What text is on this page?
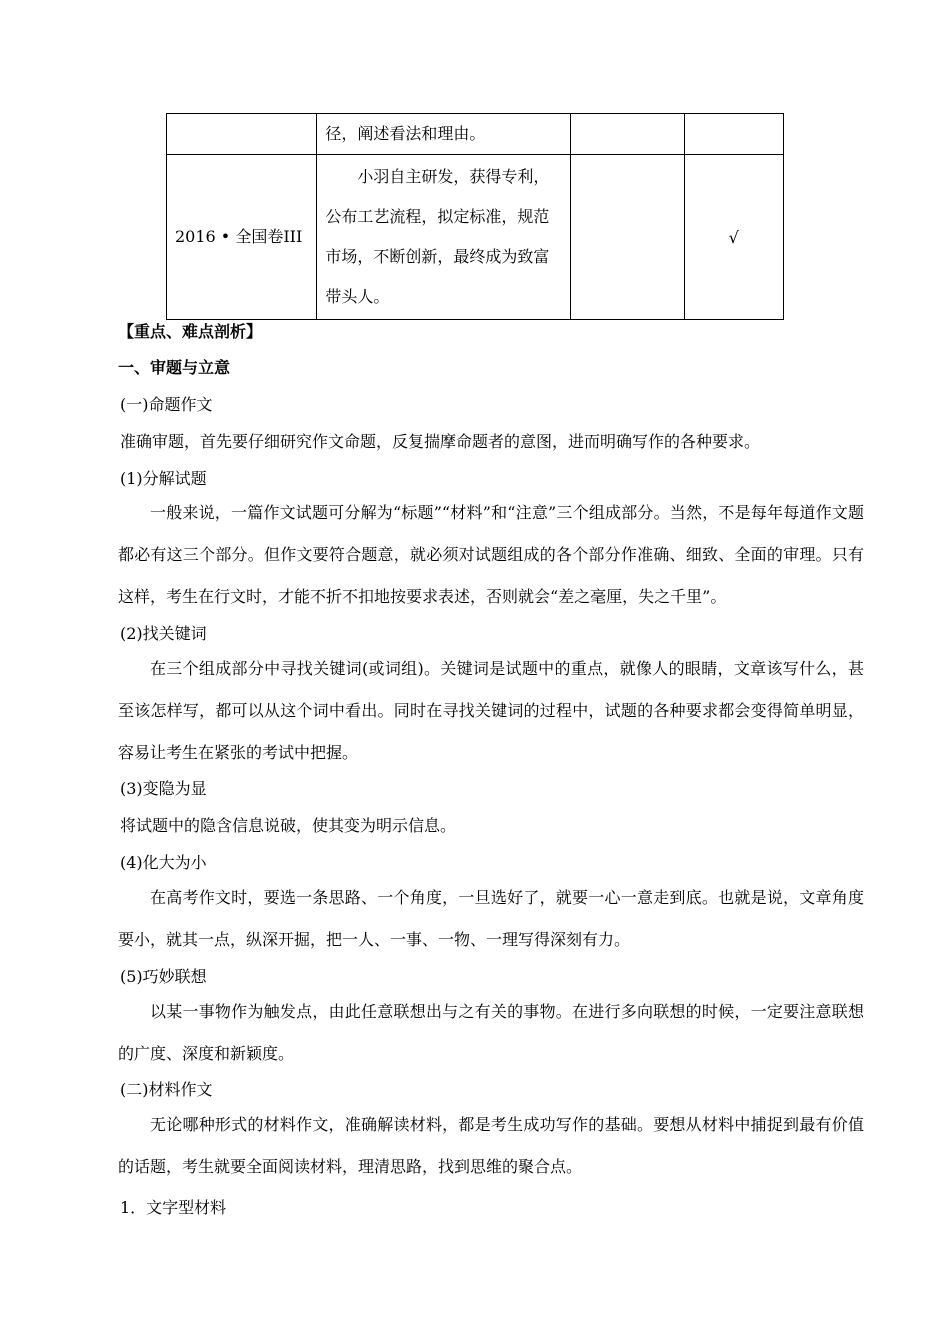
	径，阐述看法和理由。		

2016 • 全国卷III	小羽自主研发，获得专利，公布工艺流程，拟定标准，规范市场，不断创新，最终成为致富带头人。		√
【重点、难点剖析】
一、审题与立意
(一)命题作文
准确审题，首先要仔细研究作文命题，反复揣摩命题者的意图，进而明确写作的各种要求。
(1)分解试题
一般来说，一篇作文试题可分解为“标题”“材料”和“注意”三个组成部分。当然，不是每年每道作文题都必有这三个部分。但作文要符合题意，就必须对试题组成的各个部分作准确、细致、全面的审理。只有这样，考生在行文时，才能不折不扣地按要求表述，否则就会“差之毫厘，失之千里”。
(2)找关键词
在三个组成部分中寻找关键词(或词组)。关键词是试题中的重点，就像人的眼睛，文章该写什么，甚至该怎样写，都可以从这个词中看出。同时在寻找关键词的过程中，试题的各种要求都会变得简单明显，容易让考生在紧张的考试中把握。
(3)变隐为显
将试题中的隐含信息说破，使其变为明示信息。
(4)化大为小
在高考作文时，要选一条思路、一个角度，一旦选好了，就要一心一意走到底。也就是说，文章角度要小，就其一点，纵深开掘，把一人、一事、一物、一理写得深刻有力。
(5)巧妙联想
以某一事物作为触发点，由此任意联想出与之有关的事物。在进行多向联想的时候，一定要注意联想的广度、深度和新颖度。
(二)材料作文
无论哪种形式的材料作文，准确解读材料，都是考生成功写作的基础。要想从材料中捕捉到最有价值的话题，考生就要全面阅读材料，理清思路，找到思维的聚合点。
1．文字型材料
